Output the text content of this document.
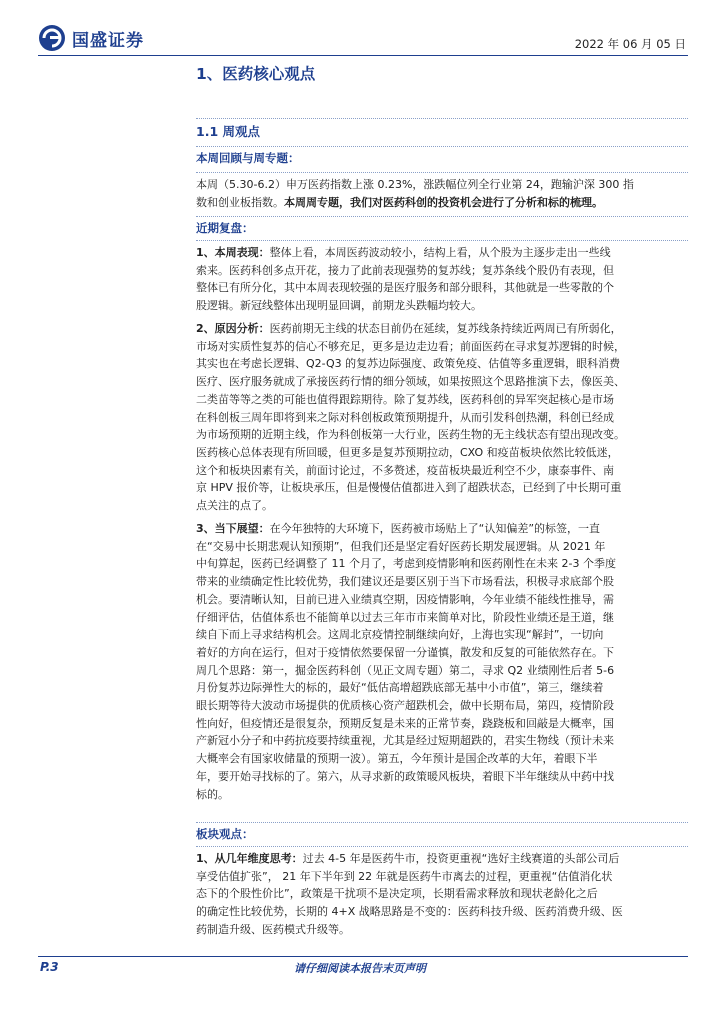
国盛证券	2022 年 06 月 05 日
1、医药核心观点
1.1 周观点
本周回顾与周专题：
本周（5.30-6.2）申万医药指数上涨 0.23%，涨跌幅位列全行业第 24，跑输沪深 300 指
数和创业板指数。本周周专题，我们对医药科创的投资机会进行了分析和标的梳理。
近期复盘：
1、本周表现：整体上看，本周医药波动较小，结构上看，从个股为主逐步走出一些线
索来。医药科创多点开花，接力了此前表现强势的复苏线；复苏条线个股仍有表现，但
整体已有所分化，其中本周表现较强的是医疗服务和部分眼科，其他就是一些零散的个
股逻辑。新冠线整体出现明显回调，前期龙头跌幅均较大。
2、原因分析：医药前期无主线的状态目前仍在延续，复苏线条持续近两周已有所弱化，
市场对实质性复苏的信心不够充足，更多是边走边看；前面医药在寻求复苏逻辑的时候，
其实也在考虑长逻辑、Q2-Q3 的复苏边际强度、政策免疫、估值等多重逻辑，眼科消费
医疗、医疗服务就成了承接医药行情的细分领域，如果按照这个思路推演下去，像医美、
二类苗等等之类的可能也值得跟踪期待。除了复苏线，医药科创的异军突起核心是市场
在科创板三周年即将到来之际对科创板政策预期提升，从而引发科创热潮，科创已经成
为市场预期的近期主线，作为科创板第一大行业，医药生物的无主线状态有望出现改变。
医药核心总体表现有所回暖，但更多是复苏预期拉动，CXO 和疫苗板块依然比较低迷，
这个和板块因素有关，前面讨论过，不多赘述，疫苗板块最近利空不少，康泰事件、南
京 HPV 报价等，让板块承压，但是慢慢估值都进入到了超跌状态，已经到了中长期可重
点关注的点了。
3、当下展望：在今年独特的大环境下，医药被市场贴上了“认知偏差”的标签，一直
在“交易中长期悲观认知预期”，但我们还是坚定看好医药长期发展逻辑。从 2021 年
中旬算起，医药已经调整了 11 个月了，考虑到疫情影响和医药刚性在未来 2-3 个季度
带来的业绩确定性比较优势，我们建议还是要区别于当下市场看法，积极寻求底部个股
机会。要清晰认知，目前已进入业绩真空期，因疫情影响，今年业绩不能线性推导，需
仔细评估，估值体系也不能简单以过去三年市市来简单对比，阶段性业绩还是王道，继
续自下而上寻求结构机会。这周北京疫情控制继续向好，上海也实现“解封”，一切向
着好的方向在运行，但对于疫情依然要保留一分谨慎，散发和反复的可能依然存在。下
周几个思路：第一，掘金医药科创（见正文周专题）第二，寻求 Q2 业绩刚性后者 5-6
月份复苏边际弹性大的标的，最好“低估高增超跌底部无基中小市值”，第三，继续着
眼长期等待大波动市场提供的优质核心资产超跌机会，做中长期布局，第四，疫情阶段
性向好，但疫情还是很复杂，预期反复是未来的正常节奏，跷跷板和回敲是大概率，国
产新冠小分子和中药抗疫要持续重视，尤其是经过短期超跌的，君实生物线（预计未来
大概率会有国家收储量的预期一波）。第五，今年预计是国企改革的大年，着眼下半
年，要开始寻找标的了。第六，从寻求新的政策暖风板块，着眼下半年继续从中药中找
标的。
板块观点：
1、从几年维度思考：过去 4-5 年是医药牛市，投资更重视“选好主线赛道的头部公司后
享受估值扩张”， 21 年下半年到 22 年就是医药牛市离去的过程，更重视“估值消化状
态下的个股性价比”，政策是干扰项不是决定项，长期看需求释放和现状老龄化之后
的确定性比较优势，长期的 4+X 战略思路是不变的：医药科技升级、医药消费升级、医
药制造升级、医药模式升级等。
P.3	请仔细阅读本报告末页声明
